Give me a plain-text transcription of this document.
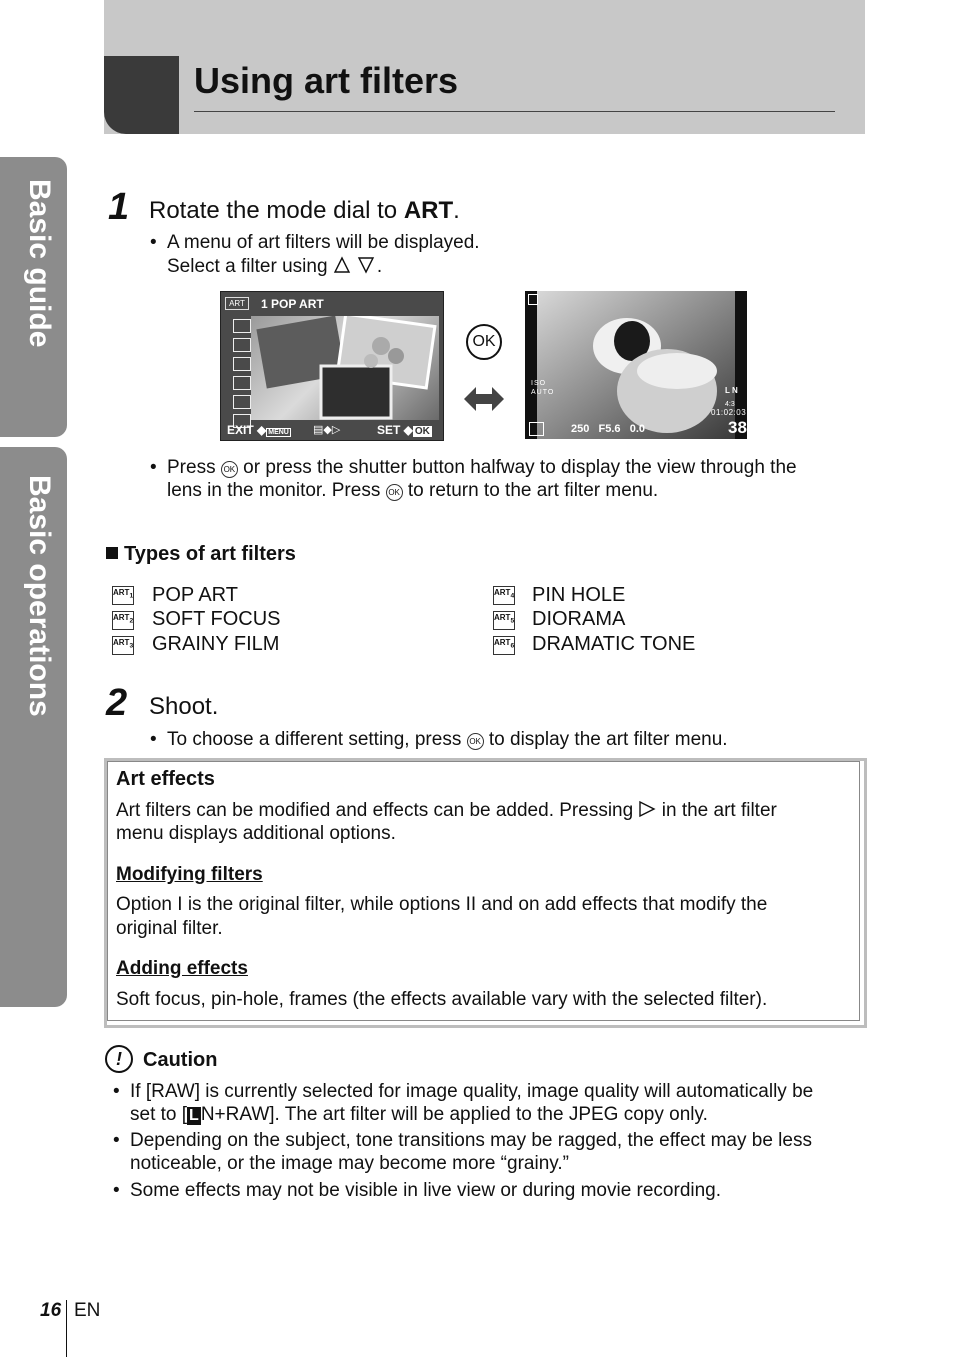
Using art filters
Basic guide
Basic operations
1 Rotate the mode dial to ART.
• A menu of art filters will be displayed.
Select a filter using	.
ART	1 POP ART
EXIT ◆ MENU ▤◆▷	SET ◆ OK
OK
ISO
AUTO	L N
4:3
01:02:03
250 F5.6 0.0	38
• Press OK or press the shutter button halfway to display the view through the
lens in the monitor. Press OK to return to the art filter menu.
Types of art filters
$ART_1$ POP ART
$ART_2$ SOFT FOCUS
$ART_3$ GRAINY FILM
$ART_4$ PIN HOLE
$ART_5$ DIORAMA
$ART_6$ DRAMATIC TONE
2 Shoot.
• To choose a different setting, press OK to display the art filter menu.
Art effects
Art filters can be modified and effects can be added. Pressing in the art filter
menu displays additional options.
Modifying filters
Option I is the original filter, while options II and on add effects that modify the
original filter.
Adding effects
Soft focus, pin-hole, frames (the effects available vary with the selected filter).
!	Caution
• If [RAW] is currently selected for image quality, image quality will automatically be
set to [ L N+RAW]. The art filter will be applied to the JPEG copy only.
• Depending on the subject, tone transitions may be ragged, the effect may be less
noticeable, or the image may become more “grainy.”
• Some effects may not be visible in live view or during movie recording.
16 EN
